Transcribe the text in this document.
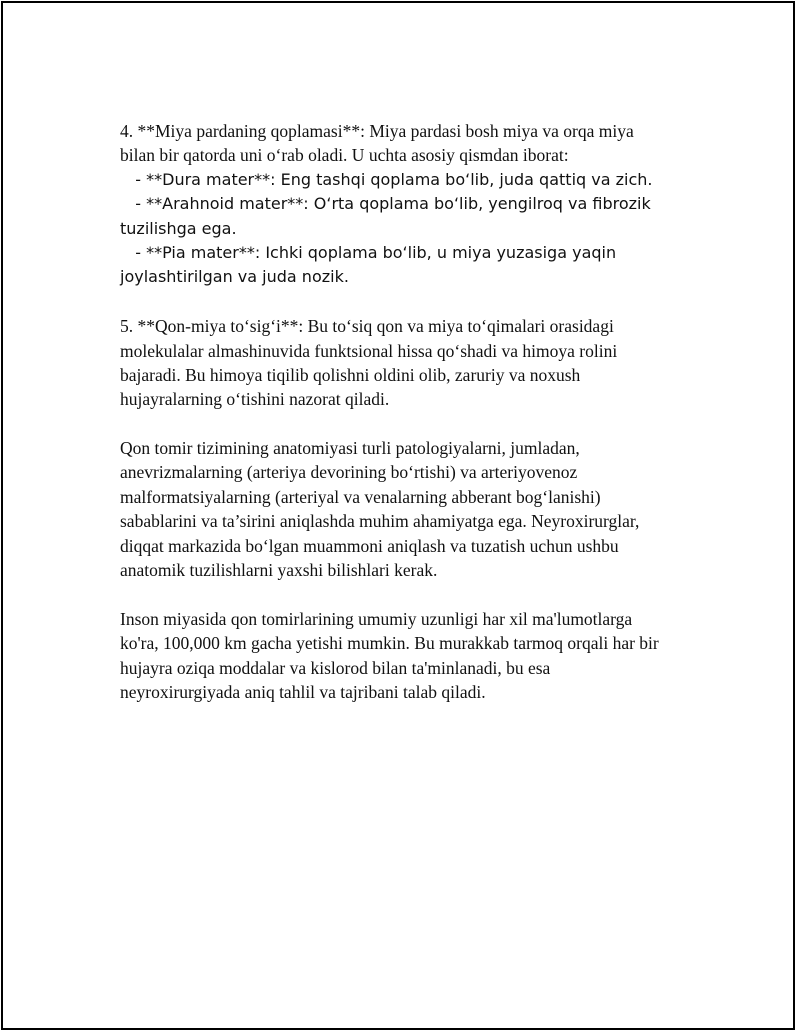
4. **Miya pardaning qoplamasi**: Miya pardasi bosh miya va orqa miya
bilan bir qatorda uni o‘rab oladi. U uchta asosiy qismdan iborat:
- **Dura mater**: Eng tashqi qoplama bo‘lib, juda qattiq va zich.
- **Arahnoid mater**: O‘rta qoplama bo‘lib, yengilroq va fibrozik
tuzilishga ega.
- **Pia mater**: Ichki qoplama bo‘lib, u miya yuzasiga yaqin
joylashtirilgan va juda nozik.
5. **Qon-miya to‘sig‘i**: Bu to‘siq qon va miya to‘qimalari orasidagi
molekulalar almashinuvida funktsional hissa qo‘shadi va himoya rolini
bajaradi. Bu himoya tiqilib qolishni oldini olib, zaruriy va noxush
hujayralarning o‘tishini nazorat qiladi.
Qon tomir tizimining anatomiyasi turli patologiyalarni, jumladan,
anevrizmalarning (arteriya devorining bo‘rtishi) va arteriyovenoz
malformatsiyalarning (arteriyal va venalarning abberant bog‘lanishi)
sabablarini va ta’sirini aniqlashda muhim ahamiyatga ega. Neyroxirurglar,
diqqat markazida bo‘lgan muammoni aniqlash va tuzatish uchun ushbu
anatomik tuzilishlarni yaxshi bilishlari kerak.
Inson miyasida qon tomirlarining umumiy uzunligi har xil ma'lumotlarga
ko'ra, 100,000 km gacha yetishi mumkin. Bu murakkab tarmoq orqali har bir
hujayra oziqa moddalar va kislorod bilan ta'minlanadi, bu esa
neyroxirurgiyada aniq tahlil va tajribani talab qiladi.
